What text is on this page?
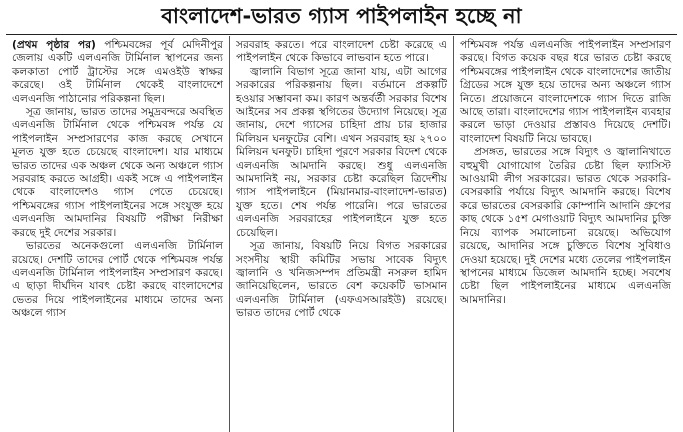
বাংলাদেশ-ভারত গ্যাস পাইপলাইন হচ্ছে না

(প্রথম পৃষ্ঠার পর) পশ্চিমবঙ্গের পূর্ব মেদিনীপুর জেলায় একটি এলএনজি টার্মিনাল স্থাপনের জন্য কলকাতা পোর্ট ট্রাস্টের সঙ্গে এমওইউ স্বাক্ষর করেছে। ওই টার্মিনাল থেকেই বাংলাদেশে এলএনজি পাঠানোর পরিকল্পনা ছিল।

সূত্র জানায়, ভারত তাদের সমুদ্রবন্দরে অবস্থিত এলএনজি টার্মিনাল থেকে পশ্চিমবঙ্গ পর্যন্ত যে পাইপলাইন সম্প্রসারণের কাজ করছে সেখানে মূলত যুক্ত হতে চেয়েছে বাংলাদেশ। যার মাধ্যমে ভারত তাদের এক অঞ্চল থেকে অন্য অঞ্চলে গ্যাস সরবরাহ করতে আগ্রহী। একই সঙ্গে এ পাইপলাইন থেকে বাংলাদেশও গ্যাস পেতে চেয়েছে। পশ্চিমবঙ্গের গ্যাস পাইপলাইনের সঙ্গে সংযুক্ত হয়ে এলএনজি আমদানির বিষয়টি পরীক্ষা নিরীক্ষা করছে দুই দেশের সরকার।

ভারতের অনেকগুলো এলএনজি টার্মিনাল রয়েছে। দেশটি তাদের পোর্ট থেকে পশ্চিমবঙ্গ পর্যন্ত এলএনজি টার্মিনাল পাইপলাইন সম্প্রসারণ করছে। এ ছাড়া দীর্ঘদিন যাবৎ চেষ্টা করছে বাংলাদেশের ভেতর দিয়ে পাইপলাইনের মাধ্যমে তাদের অন্য অঞ্চলে গ্যাস

সরবরাহ করতে। পরে বাংলাদেশ চেষ্টা করেছে এ পাইপলাইন থেকে কিভাবে লাভবান হতে পারে।

জ্বালানি বিভাগ সূত্রে জানা যায়, এটা আগের সরকারের পরিকল্পনায় ছিল। বর্তমানে প্রকল্পটি হওয়ার সম্ভাবনা কম। কারণ অন্তর্বর্তী সরকার বিশেষ আইনের সব প্রকল্প স্থগিতের উদ্যোগ নিয়েছে। সূত্র জানায়, দেশে গ্যাসের চাহিদা প্রায় চার হাজার মিলিয়ন ঘনফুটের বেশি। এখন সরবরাহ হয় ২৭০০ মিলিয়ন ঘনফুট। চাহিদা পূরণে সরকার বিদেশ থেকে এলএনজি আমদানি করছে। শুধু এলএনজি আমদানিই নয়, সরকার চেষ্টা করেছিল ত্রিদেশীয় গ্যাস পাইপলাইনে (মিয়ানমার-বাংলাদেশ-ভারত) যুক্ত হতে। শেষ পর্যন্ত পারেনি। পরে ভারতের এলএনজি সরবরাহের পাইপলাইনে যুক্ত হতে চেয়েছিল।

সূত্র জানায়, বিষয়টি নিয়ে বিগত সরকারের সংসদীয় স্থায়ী কমিটির সভায় সাবেক বিদ্যুৎ জ্বালানি ও খনিজসম্পদ প্রতিমন্ত্রী নসরুল হামিদ জানিয়েছিলেন, ভারতে বেশ কয়েকটি ভাসমান এলএনজি টার্মিনাল (এফএসআরইউ) রয়েছে। ভারত তাদের পোর্ট থেকে

পশ্চিমবঙ্গ পর্যন্ত এলএনজি পাইপলাইন সম্প্রসারণ করছে। বিগত কয়েক বছর ধরে ভারত চেষ্টা করছে পশ্চিমবঙ্গের পাইপলাইন থেকে বাংলাদেশের জাতীয় গ্রিডের সঙ্গে যুক্ত হয়ে তাদের অন্য অঞ্চলে গ্যাস নিতে। প্রয়োজনে বাংলাদেশকে গ্যাস দিতে রাজি আছে তারা। বাংলাদেশের গ্যাস পাইপলাইন ব্যবহার করলে ভাড়া দেওয়ার প্রস্তাবও দিয়েছে দেশটি। বাংলাদেশ বিষয়টি নিয়ে ভাবছে।

প্রসঙ্গত, ভারতের সঙ্গে বিদ্যুৎ ও জ্বালানিখাতে বহুমুখী যোগাযোগ তৈরির চেষ্টা ছিল ফ্যাসিস্ট আওয়ামী লীগ সরকারের। ভারত থেকে সরকারি-বেসরকারি পর্যায়ে বিদ্যুৎ আমদানি করছে। বিশেষ করে ভারতের বেসরকারি কোম্পানি আদানি গ্রুপের কাছ থেকে ১৫শ মেগাওয়াট বিদ্যুৎ আমদানির চুক্তি নিয়ে ব্যাপক সমালোচনা রয়েছে। অভিযোগ রয়েছে, আদানির সঙ্গে চুক্তিতে বিশেষ সুবিধাও দেওয়া হয়েছে। দুই দেশের মধ্যে তেলের পাইপলাইন স্থাপনের মাধ্যমে ডিজেল আমদানি হচ্ছে। সবশেষ চেষ্টা ছিল পাইপলাইনের মাধ্যমে এলএনজি আমদানির।
